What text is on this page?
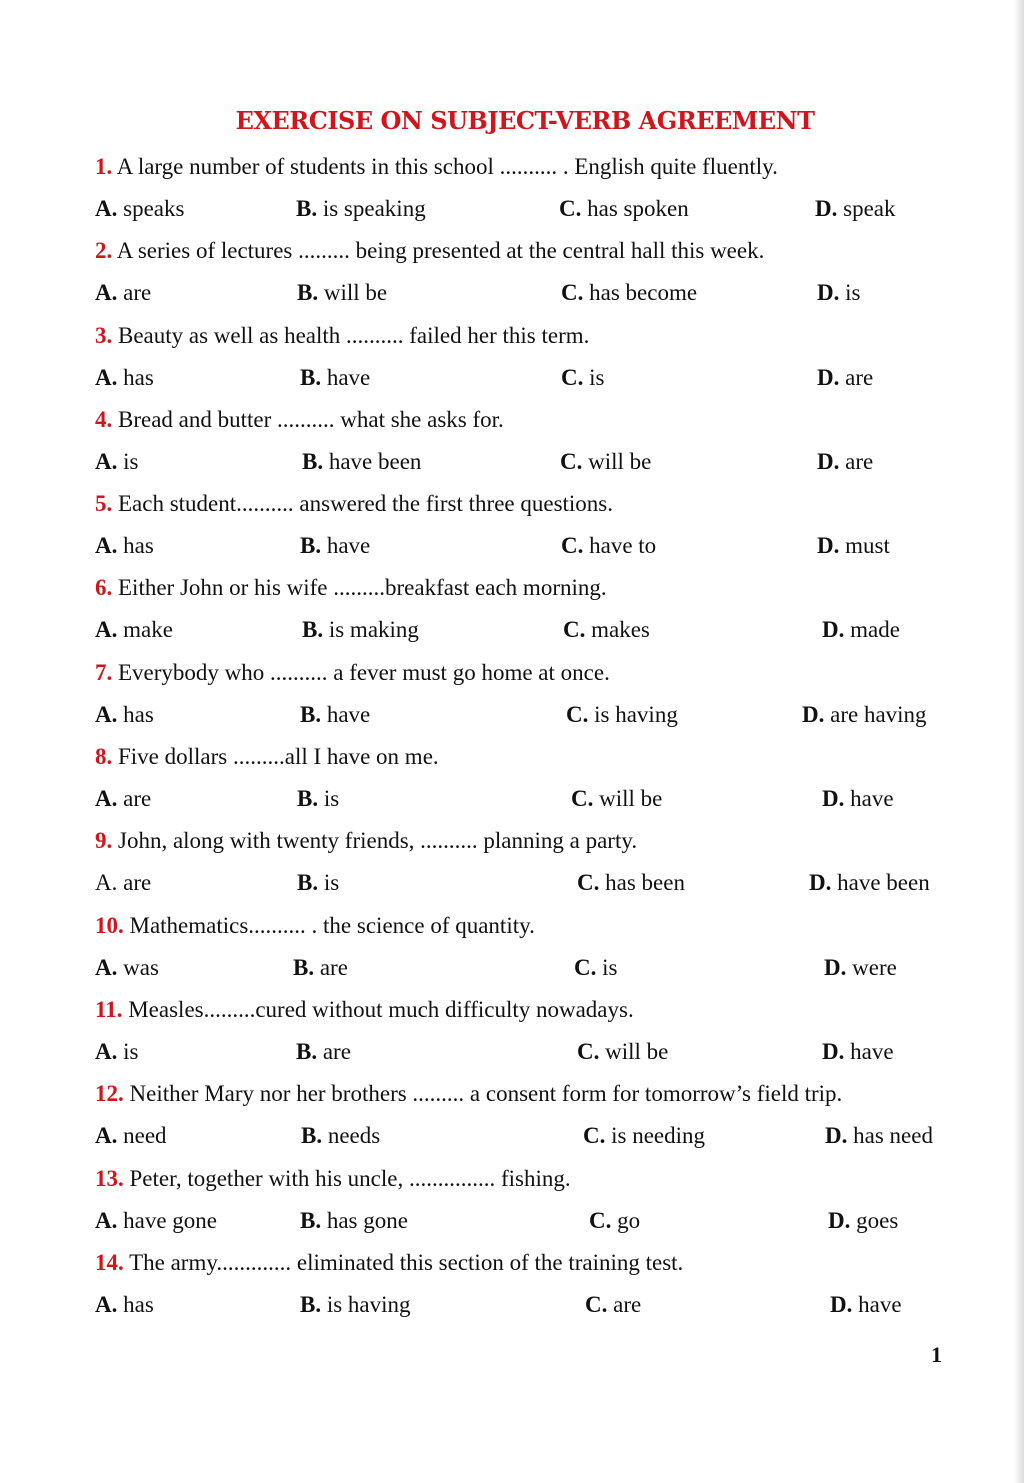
EXERCISE ON SUBJECT-VERB AGREEMENT
1. A large number of students in this school .......... . English quite fluently.
A. speaks	B. is speaking	C. has spoken	D. speak
2. A series of lectures ......... being presented at the central hall this week.
A. are	B. will be	C. has become	D. is
3. Beauty as well as health .......... failed her this term.
A. has	B. have	C. is	D. are
4. Bread and butter .......... what she asks for.
A. is	B. have been	C. will be	D. are
5. Each student.......... answered the first three questions.
A. has	B. have	C. have to	D. must
6. Either John or his wife .........breakfast each morning.
A. make	B. is making	C. makes	D. made
7. Everybody who .......... a fever must go home at once.
A. has	B. have	C. is having	D. are having
8. Five dollars .........all I have on me.
A. are	B. is	C. will be	D. have
9. John, along with twenty friends, .......... planning a party.
A. are	B. is	C. has been	D. have been
10. Mathematics.......... . the science of quantity.
A. was	B. are	C. is	D. were
11. Measles.........cured without much difficulty nowadays.
A. is	B. are	C. will be	D. have
12. Neither Mary nor her brothers ......... a consent form for tomorrow’s field trip.
A. need	B. needs	C. is needing	D. has need
13. Peter, together with his uncle, ............... fishing.
A. have gone	B. has gone	C. go	D. goes
14. The army............. eliminated this section of the training test.
A. has	B. is having	C. are	D. have
1
